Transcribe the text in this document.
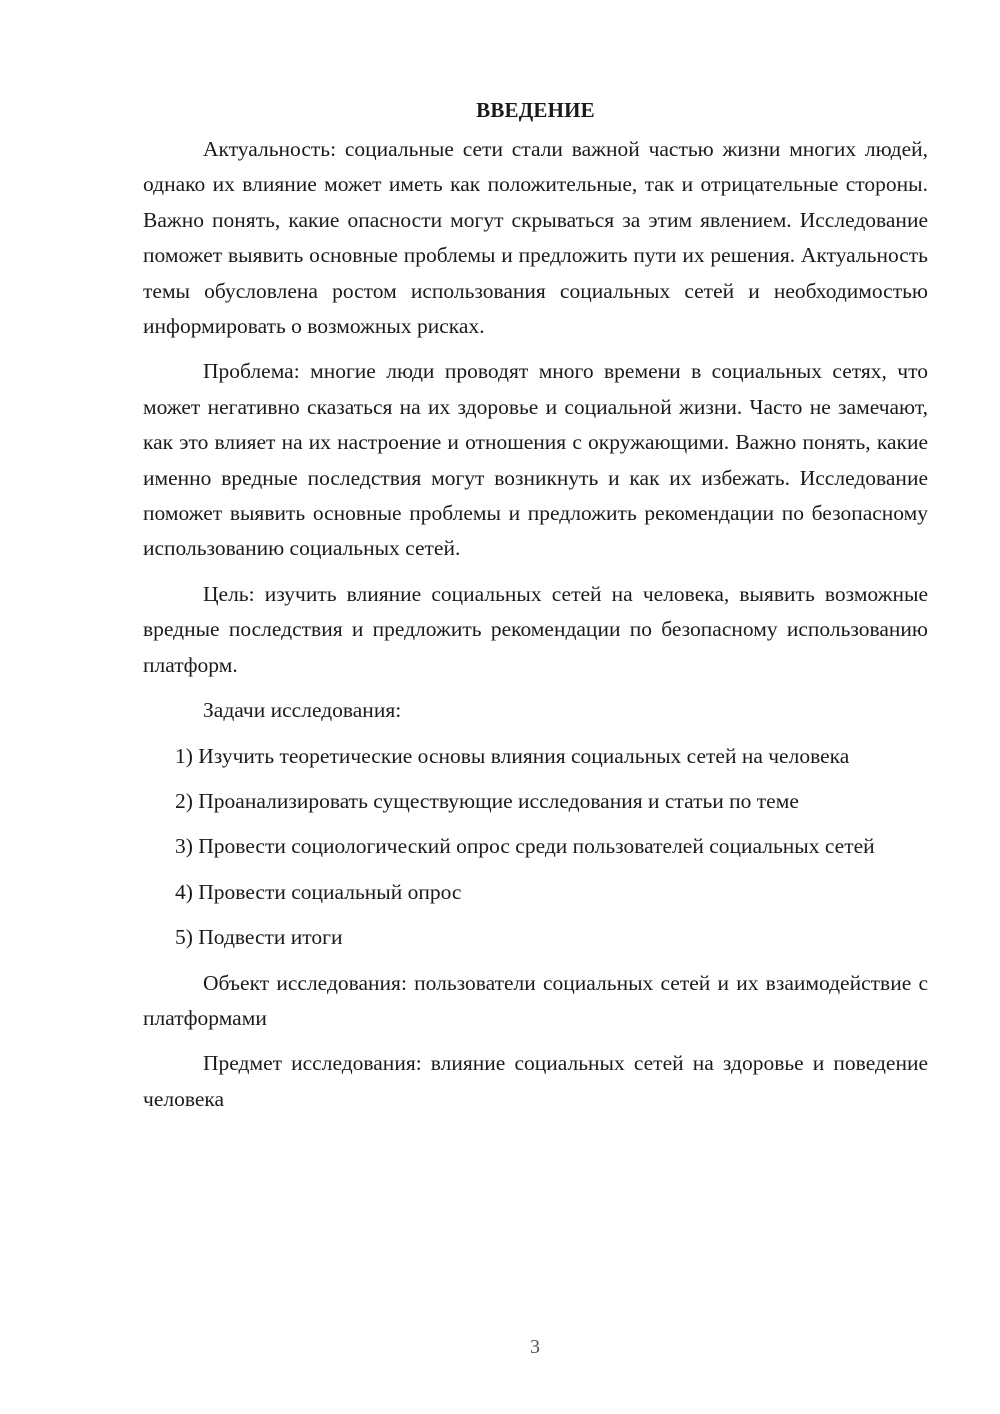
ВВЕДЕНИЕ

Актуальность: социальные сети стали важной частью жизни многих людей, однако их влияние может иметь как положительные, так и отрицательные стороны. Важно понять, какие опасности могут скрываться за этим явлением. Исследование поможет выявить основные проблемы и предложить пути их решения. Актуальность темы обусловлена ростом использования социальных сетей и необходимостью информировать о возможных рисках.

Проблема: многие люди проводят много времени в социальных сетях, что может негативно сказаться на их здоровье и социальной жизни. Часто не замечают, как это влияет на их настроение и отношения с окружающими. Важно понять, какие именно вредные последствия могут возникнуть и как их избежать. Исследование поможет выявить основные проблемы и предложить рекомендации по безопасному использованию социальных сетей.

Цель: изучить влияние социальных сетей на человека, выявить возможные вредные последствия и предложить рекомендации по безопасному использованию платформ.

Задачи исследования:

1) Изучить теоретические основы влияния социальных сетей на человека

2) Проанализировать существующие исследования и статьи по теме

3) Провести социологический опрос среди пользователей социальных сетей

4) Провести социальный опрос

5) Подвести итоги

Объект исследования: пользователи социальных сетей и их взаимодействие с платформами

Предмет исследования: влияние социальных сетей на здоровье и поведение человека

3
